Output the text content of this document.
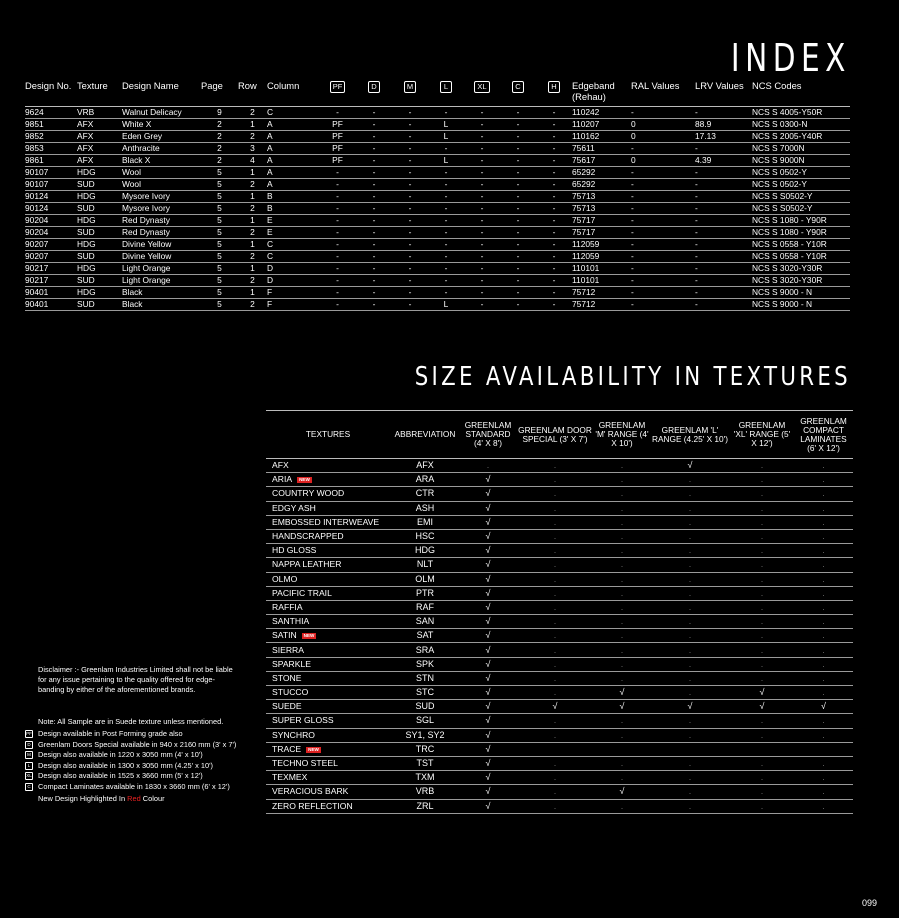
INDEX
Design No.	Texture	Design Name	Page	Row	Column	PF	D	M	L	XL	C	H	Edgeband (Rehau)	RAL Values	LRV Values	NCS Codes
9624	VRB	Walnut Delicacy	9	2	C	-	-	-	-	-	-	-	110242	-	-	NCS S 4005-Y50R
9851	AFX	White X	2	1	A	PF	-	-	L	-	-	-	110207	0	88.9	NCS S 0300-N
9852	AFX	Eden Grey	2	2	A	PF	-	-	L	-	-	-	110162	0	17.13	NCS S 2005-Y40R
9853	AFX	Anthracite	2	3	A	PF	-	-	-	-	-	-	75611	-	-	NCS S 7000N
9861	AFX	Black X	2	4	A	PF	-	-	L	-	-	-	75617	0	4.39	NCS S 9000N
90107	HDG	Wool	5	1	A	-	-	-	-	-	-	-	65292	-	-	NCS S 0502-Y
90107	SUD	Wool	5	2	A	-	-	-	-	-	-	-	65292	-	-	NCS S 0502-Y
90124	HDG	Mysore Ivory	5	1	B	-	-	-	-	-	-	-	75713	-	-	NCS S S0502-Y
90124	SUD	Mysore Ivory	5	2	B	-	-	-	-	-	-	-	75713	-	-	NCS S S0502-Y
90204	HDG	Red Dynasty	5	1	E	-	-	-	-	-	-	-	75717	-	-	NCS S 1080 - Y90R
90204	SUD	Red Dynasty	5	2	E	-	-	-	-	-	-	-	75717	-	-	NCS S 1080 - Y90R
90207	HDG	Divine Yellow	5	1	C	-	-	-	-	-	-	-	112059	-	-	NCS S 0558 - Y10R
90207	SUD	Divine Yellow	5	2	C	-	-	-	-	-	-	-	112059	-	-	NCS S 0558 - Y10R
90217	HDG	Light Orange	5	1	D	-	-	-	-	-	-	-	110101	-	-	NCS S 3020-Y30R
90217	SUD	Light Orange	5	2	D	-	-	-	-	-	-	-	110101	-	-	NCS S 3020-Y30R
90401	HDG	Black	5	1	F	-	-	-	-	-	-	-	75712	-	-	NCS S 9000 - N
90401	SUD	Black	5	2	F	-	-	-	L	-	-	-	75712	-	-	NCS S 9000 - N
SIZE AVAILABILITY IN TEXTURES
TEXTURES	ABBREVIATION	GREENLAM STANDARD (4' X 8')	GREENLAM DOOR SPECIAL (3' X 7')	GREENLAM 'M' RANGE (4' X 10')	GREENLAM 'L' RANGE (4.25' X 10')	GREENLAM 'XL' RANGE (5' X 12')	GREENLAM COMPACT LAMINATES (6' X 12')
AFX	AFX	.	.	.	√	.	.
ARIA NEW	ARA	√	.	.	.	.	.
COUNTRY WOOD	CTR	√	.	.	.	.	.
EDGY ASH	ASH	√	.	.	.	.	.
EMBOSSED INTERWEAVE	EMI	√	.	.	.	.	.
HANDSCRAPPED	HSC	√	.	.	.	.	.
HD GLOSS	HDG	√	.	.	.	.	.
NAPPA LEATHER	NLT	√	.	.	.	.	.
OLMO	OLM	√	.	.	.	.	.
PACIFIC TRAIL	PTR	√	.	.	.	.	.
RAFFIA	RAF	√	.	.	.	.	.
SANTHIA	SAN	√	.	.	.	.	.
SATIN NEW	SAT	√	.	.	.	.	.
SIERRA	SRA	√	.	.	.	.	.
SPARKLE	SPK	√	.	.	.	.	.
STONE	STN	√	.	.	.	.	.
STUCCO	STC	√	.	√	.	√	.
SUEDE	SUD	√	√	√	√	√	√
SUPER GLOSS	SGL	√	.	.	.	.	.
SYNCHRO	SY1, SY2	√	.	.	.	.	.
TRACE NEW	TRC	√					
TECHNO STEEL	TST	√	.	.	.	.	.
TEXMEX	TXM	√	.	.	.	.	.
VERACIOUS BARK	VRB	√	.	√	.	.	.
ZERO REFLECTION	ZRL	√	.	.	.	.	.
Disclaimer :- Greenlam Industries Limited shall not be liable for any issue pertaining to the quality offered for edge-banding by either of the aforementioned brands.
Note: All Sample are in Suede texture unless mentioned.
PF Design available in Post Forming grade also
D Greenlam Doors Special available in 940 x 2160 mm (3' x 7')
M Design also available in 1220 x 3050 mm (4' x 10')
L	Design also available in 1300 x 3050 mm (4.25' x 10')
XL Design also available in 1525 x 3660 mm (5' x 12')
C Compact Laminates available in 1830 x 3660 mm (6' x 12')
New Design Highlighted In Red Colour
099
